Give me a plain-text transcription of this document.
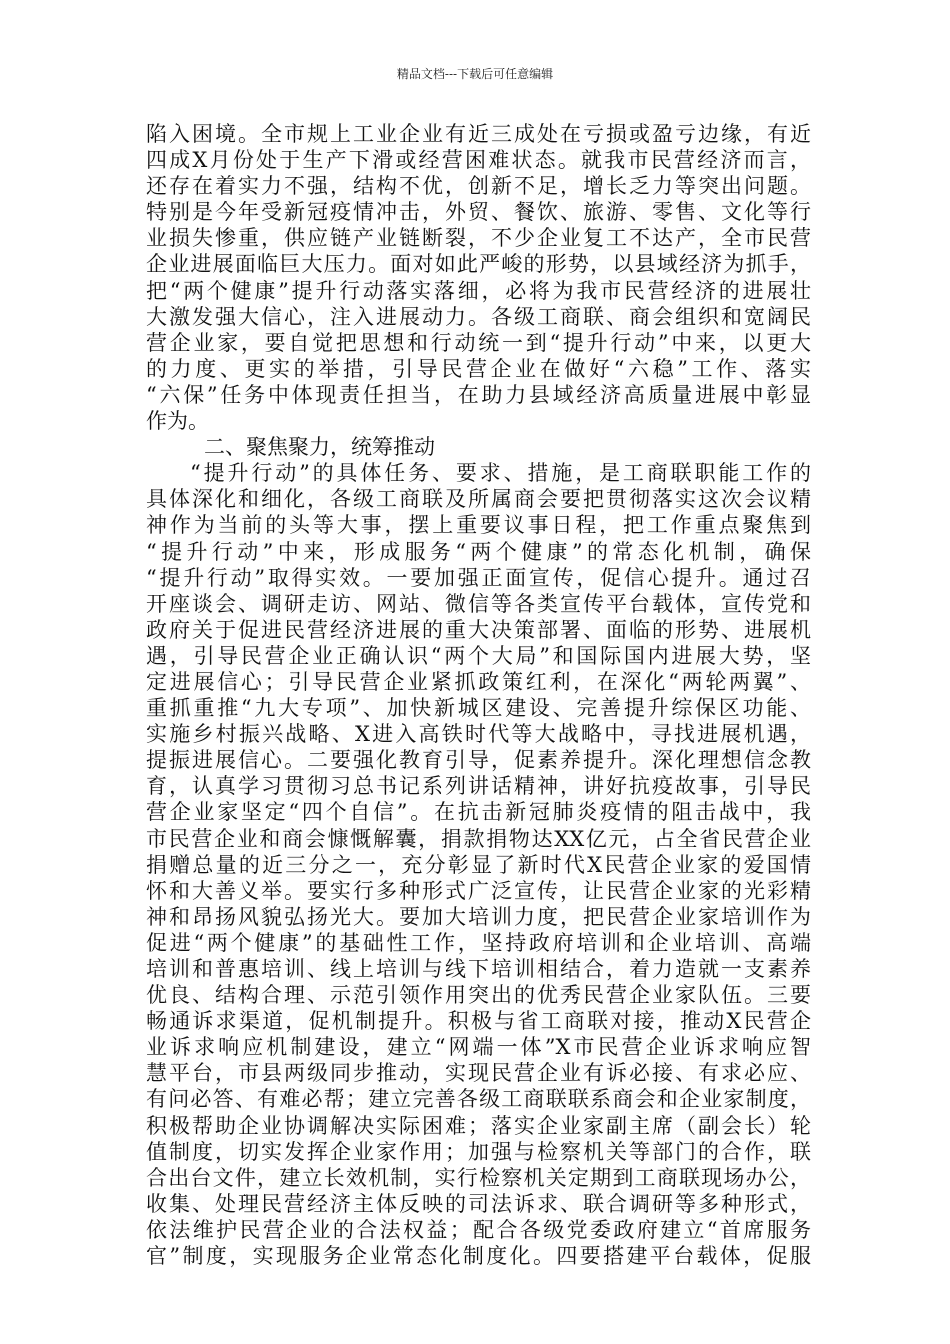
精品文档---下载后可任意编辑
陷入困境。全市规上工业企业有近三成处在亏损或盈亏边缘，有近
四成X月份处于生产下滑或经营困难状态。就我市民营经济而言，
还存在着实力不强，结构不优，创新不足，增长乏力等突出问题。
特别是今年受新冠疫情冲击，外贸、餐饮、旅游、零售、文化等行
业损失惨重，供应链产业链断裂，不少企业复工不达产，全市民营
企业进展面临巨大压力。面对如此严峻的形势，以县域经济为抓手，
把“两个健康”提升行动落实落细，必将为我市民营经济的进展壮
大激发强大信心，注入进展动力。各级工商联、商会组织和宽阔民
营企业家，要自觉把思想和行动统一到“提升行动”中来，以更大
的力度、更实的举措，引导民营企业在做好“六稳”工作、落实
“六保”任务中体现责任担当，在助力县域经济高质量进展中彰显
作为。
二、聚焦聚力，统筹推动
“提升行动”的具体任务、要求、措施，是工商联职能工作的
具体深化和细化，各级工商联及所属商会要把贯彻落实这次会议精
神作为当前的头等大事，摆上重要议事日程，把工作重点聚焦到
“提升行动”中来，形成服务“两个健康”的常态化机制，确保
“提升行动”取得实效。一要加强正面宣传，促信心提升。通过召
开座谈会、调研走访、网站、微信等各类宣传平台载体，宣传党和
政府关于促进民营经济进展的重大决策部署、面临的形势、进展机
遇，引导民营企业正确认识“两个大局”和国际国内进展大势，坚
定进展信心；引导民营企业紧抓政策红利，在深化“两轮两翼”、
重抓重推“九大专项”、加快新城区建设、完善提升综保区功能、
实施乡村振兴战略、X进入高铁时代等大战略中，寻找进展机遇，
提振进展信心。二要强化教育引导，促素养提升。深化理想信念教
育，认真学习贯彻习总书记系列讲话精神，讲好抗疫故事，引导民
营企业家坚定“四个自信”。在抗击新冠肺炎疫情的阻击战中，我
市民营企业和商会慷慨解囊，捐款捐物达XX亿元，占全省民营企业
捐赠总量的近三分之一，充分彰显了新时代X民营企业家的爱国情
怀和大善义举。要实行多种形式广泛宣传，让民营企业家的光彩精
神和昂扬风貌弘扬光大。要加大培训力度，把民营企业家培训作为
促进“两个健康”的基础性工作，坚持政府培训和企业培训、高端
培训和普惠培训、线上培训与线下培训相结合，着力造就一支素养
优良、结构合理、示范引领作用突出的优秀民营企业家队伍。三要
畅通诉求渠道，促机制提升。积极与省工商联对接，推动X民营企
业诉求响应机制建设，建立“网端一体”X市民营企业诉求响应智
慧平台，市县两级同步推动，实现民营企业有诉必接、有求必应、
有问必答、有难必帮；建立完善各级工商联联系商会和企业家制度，
积极帮助企业协调解决实际困难；落实企业家副主席（副会长）轮
值制度，切实发挥企业家作用；加强与检察机关等部门的合作，联
合出台文件，建立长效机制，实行检察机关定期到工商联现场办公，
收集、处理民营经济主体反映的司法诉求、联合调研等多种形式，
依法维护民营企业的合法权益；配合各级党委政府建立“首席服务
官”制度，实现服务企业常态化制度化。四要搭建平台载体，促服
